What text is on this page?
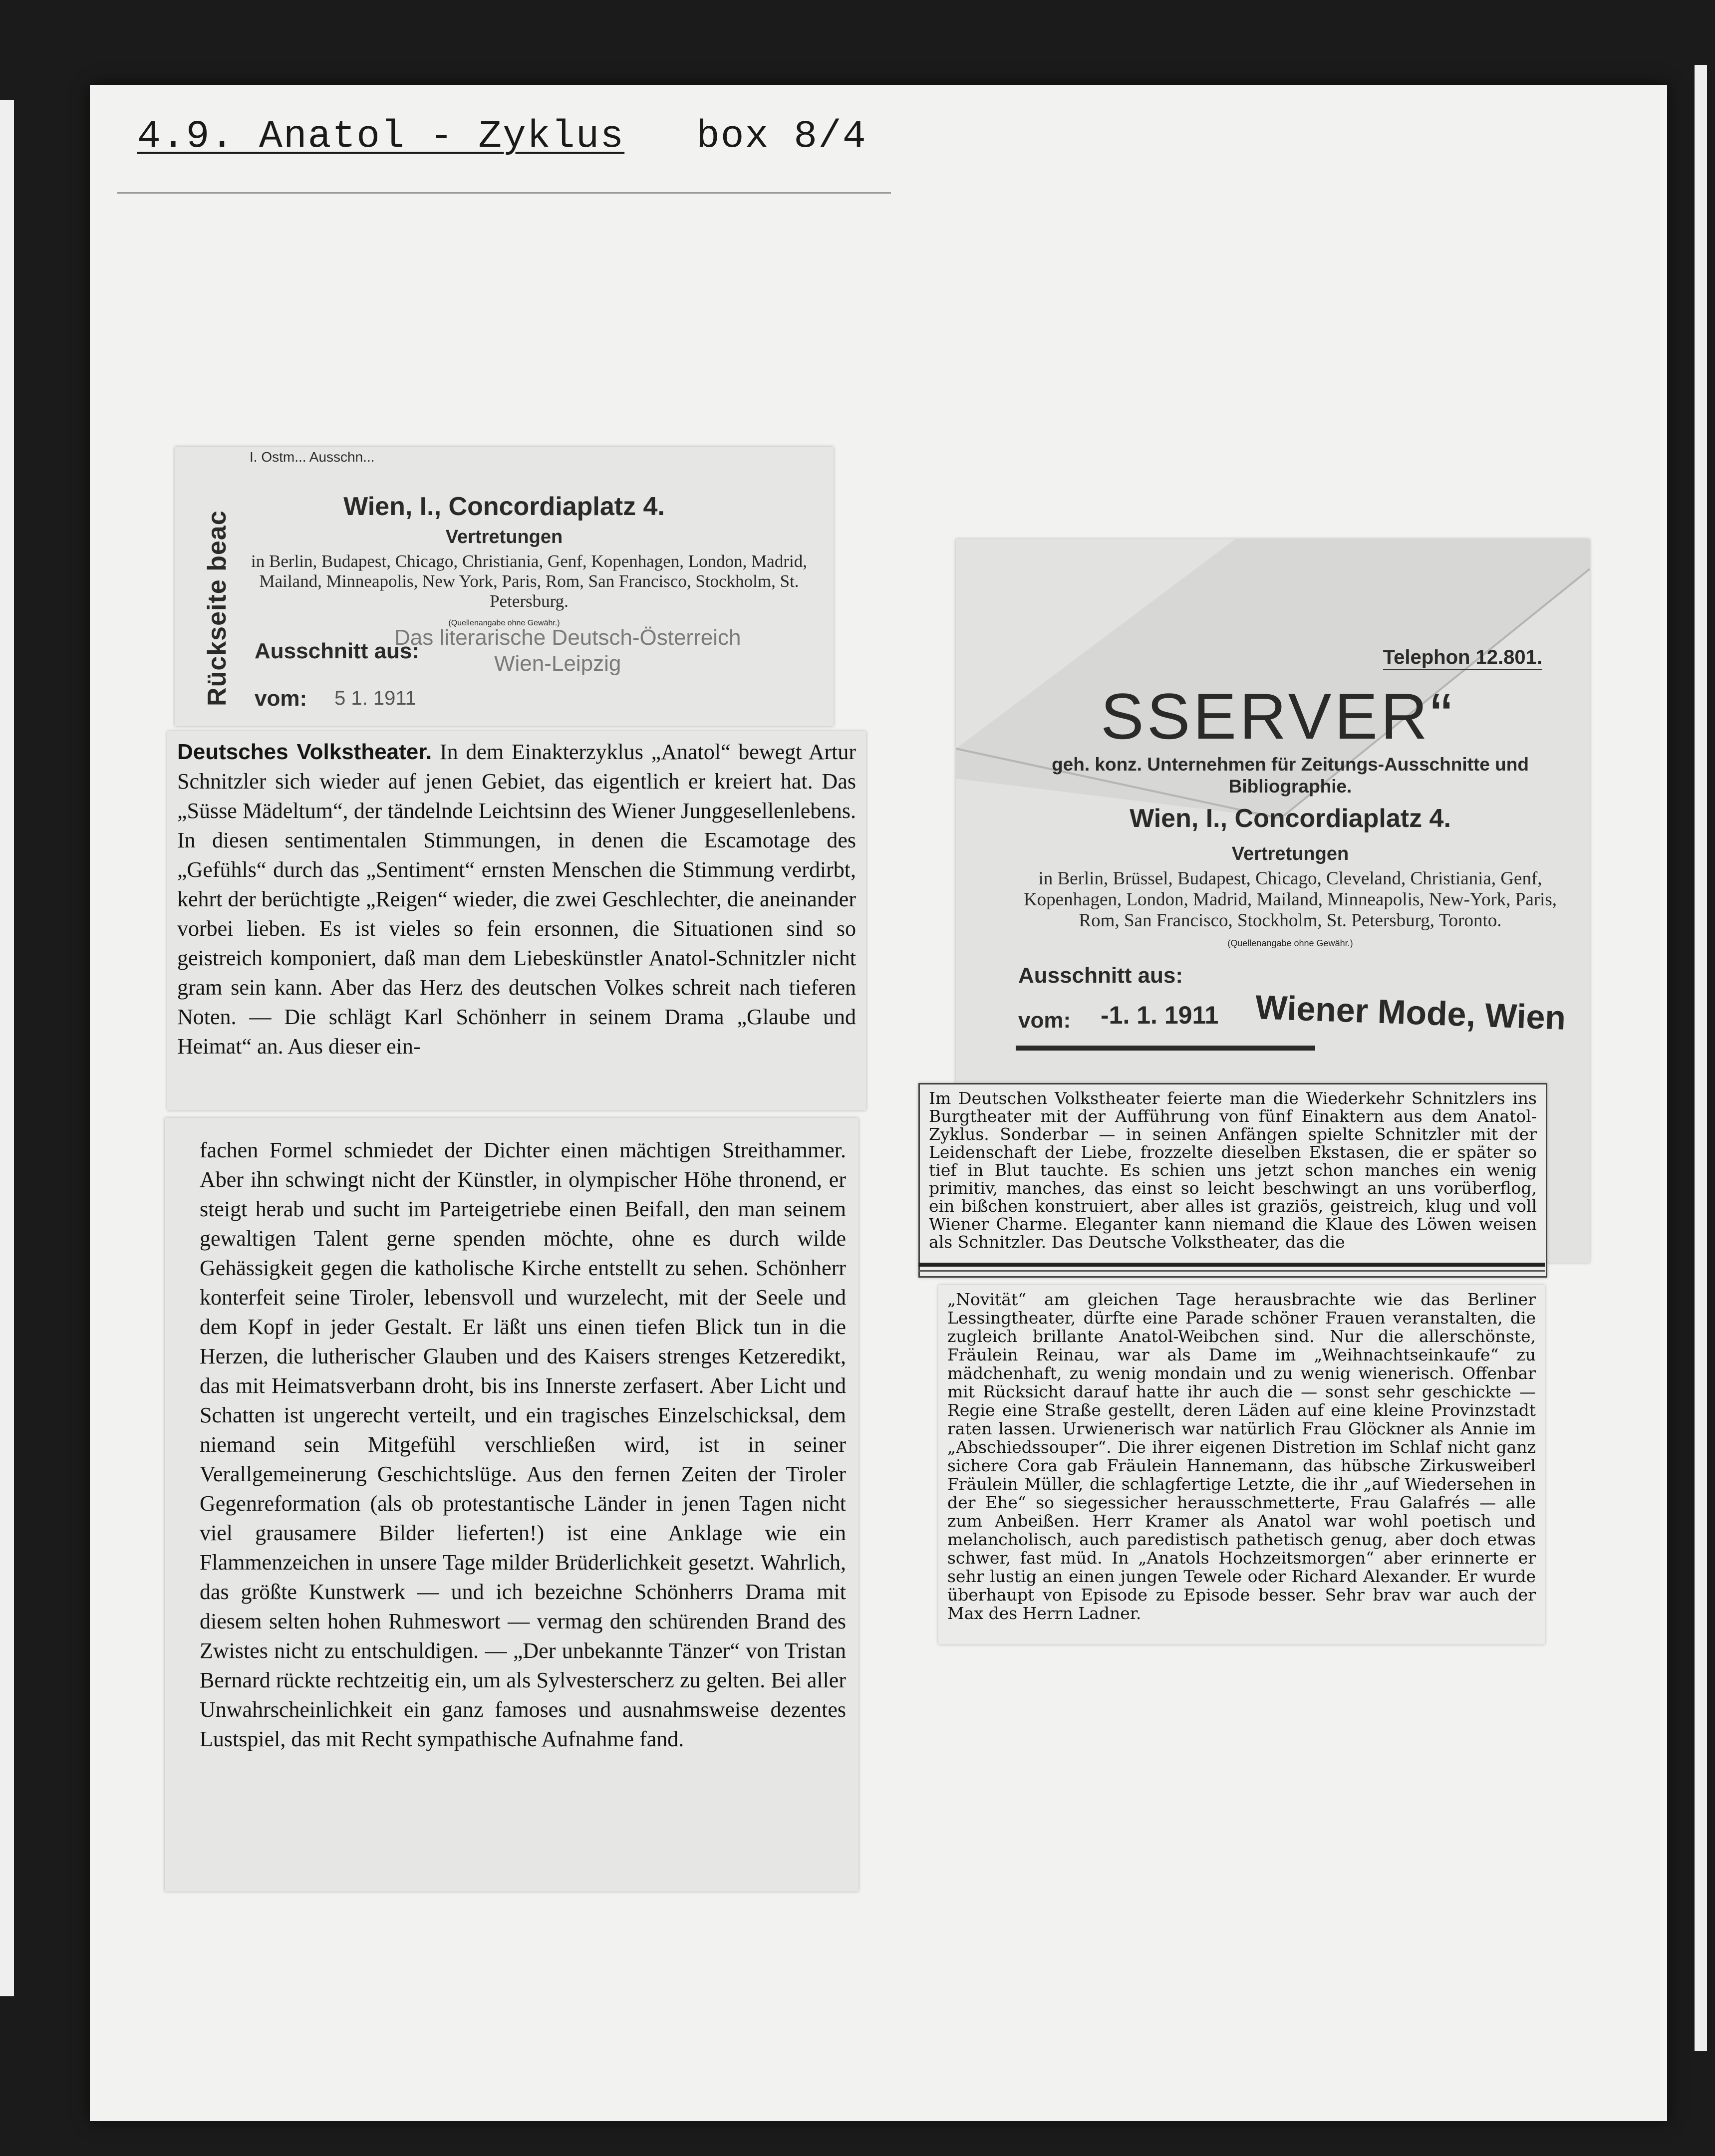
4.9. Anatol - Zyklus box 8/4
Rückseite beac
I. Ostm... Ausschn...
Wien, I., Concordiaplatz 4.
Vertretungen
in Berlin, Budapest, Chicago, Christiania, Genf, Kopenhagen, London, Madrid, Mailand, Minneapolis, New York, Paris, Rom, San Francisco, Stockholm, St. Petersburg.
(Quellenangabe ohne Gewähr.)
Das literarische Deutsch-Österreich
Ausschnitt aus:
Wien-Leipzig
vom: 5 1. 1911

Deutsches Volkstheater. In dem Einakterzyklus „Anatol“ bewegt Artur Schnitzler sich wieder auf jenen Gebiet, das eigentlich er kreiert hat. Das „Süsse Mädeltum“, der tändelnde Leichtsinn des Wiener Junggesellenlebens. In diesen sentimentalen Stimmungen, in denen die Escamotage des „Gefühls“ durch das „Sentiment“ ernsten Menschen die Stimmung verdirbt, kehrt der berüchtigte „Reigen“ wieder, die zwei Geschlechter, die aneinander vorbei lieben. Es ist vieles so fein ersonnen, die Situationen sind so geistreich komponiert, daß man dem Liebeskünstler Anatol-Schnitzler nicht gram sein kann. Aber das Herz des deutschen Volkes schreit nach tieferen Noten. — Die schlägt Karl Schönherr in seinem Drama „Glaube und Heimat“ an. Aus dieser ein-

fachen Formel schmiedet der Dichter einen mächtigen Streithammer. Aber ihn schwingt nicht der Künstler, in olympischer Höhe thronend, er steigt herab und sucht im Parteigetriebe einen Beifall, den man seinem gewaltigen Talent gerne spenden möchte, ohne es durch wilde Gehässigkeit gegen die katholische Kirche entstellt zu sehen. Schönherr konterfeit seine Tiroler, lebensvoll und wurzelecht, mit der Seele und dem Kopf in jeder Gestalt. Er läßt uns einen tiefen Blick tun in die Herzen, die lutherischer Glauben und des Kaisers strenges Ketzeredikt, das mit Heimatsverbann droht, bis ins Innerste zerfasert. Aber Licht und Schatten ist ungerecht verteilt, und ein tragisches Einzelschicksal, dem niemand sein Mitgefühl verschließen wird, ist in seiner Verallgemeinerung Geschichtslüge. Aus den fernen Zeiten der Tiroler Gegenreformation (als ob protestantische Länder in jenen Tagen nicht viel grausamere Bilder lieferten!) ist eine Anklage wie ein Flammenzeichen in unsere Tage milder Brüderlichkeit gesetzt. Wahrlich, das größte Kunstwerk — und ich bezeichne Schönherrs Drama mit diesem selten hohen Ruhmeswort — vermag den schürenden Brand des Zwistes nicht zu entschuldigen. — „Der unbekannte Tänzer“ von Tristan Bernard rückte rechtzeitig ein, um als Sylvesterscherz zu gelten. Bei aller Unwahrscheinlichkeit ein ganz famoses und ausnahmsweise dezentes Lustspiel, das mit Recht sympathische Aufnahme fand.

Telephon 12.801.
SSERVER“
geh. konz. Unternehmen für Zeitungs-Ausschnitte und Bibliographie.
Wien, I., Concordiaplatz 4.
Vertretungen
in Berlin, Brüssel, Budapest, Chicago, Cleveland, Christiania, Genf, Kopenhagen, London, Madrid, Mailand, Minneapolis, New-York, Paris, Rom, San Francisco, Stockholm, St. Petersburg, Toronto.
(Quellenangabe ohne Gewähr.)
Ausschnitt aus:
vom: -1. 1. 1911 Wiener Mode, Wien
Im Deutschen Volkstheater feierte man die Wiederkehr Schnitzlers ins Burgtheater mit der Aufführung von fünf Einaktern aus dem Anatol-Zyklus. Sonderbar — in seinen Anfängen spielte Schnitzler mit der Leidenschaft der Liebe, frozzelte dieselben Ekstasen, die er später so tief in Blut tauchte. Es schien uns jetzt schon manches ein wenig primitiv, manches, das einst so leicht beschwingt an uns vorüberflog, ein bißchen konstruiert, aber alles ist graziös, geistreich, klug und voll Wiener Charme. Eleganter kann niemand die Klaue des Löwen weisen als Schnitzler. Das Deutsche Volkstheater, das die
„Novität“ am gleichen Tage herausbrachte wie das Berliner Lessingtheater, dürfte eine Parade schöner Frauen veranstalten, die zugleich brillante Anatol-Weibchen sind. Nur die allerschönste, Fräulein Reinau, war als Dame im „Weihnachtseinkaufe“ zu mädchenhaft, zu wenig mondain und zu wenig wienerisch. Offenbar mit Rücksicht darauf hatte ihr auch die — sonst sehr geschickte — Regie eine Straße gestellt, deren Läden auf eine kleine Provinzstadt raten lassen. Urwienerisch war natürlich Frau Glöckner als Annie im „Abschiedssouper“. Die ihrer eigenen Distretion im Schlaf nicht ganz sichere Cora gab Fräulein Hannemann, das hübsche Zirkusweiberl Fräulein Müller, die schlagfertige Letzte, die ihr „auf Wiedersehen in der Ehe“ so siegessicher herausschmetterte, Frau Galafrés — alle zum Anbeißen. Herr Kramer als Anatol war wohl poetisch und melancholisch, auch paredistisch pathetisch genug, aber doch etwas schwer, fast müd. In „Anatols Hochzeitsmorgen“ aber erinnerte er sehr lustig an einen jungen Tewele oder Richard Alexander. Er wurde überhaupt von Episode zu Episode besser. Sehr brav war auch der Max des Herrn Ladner.
